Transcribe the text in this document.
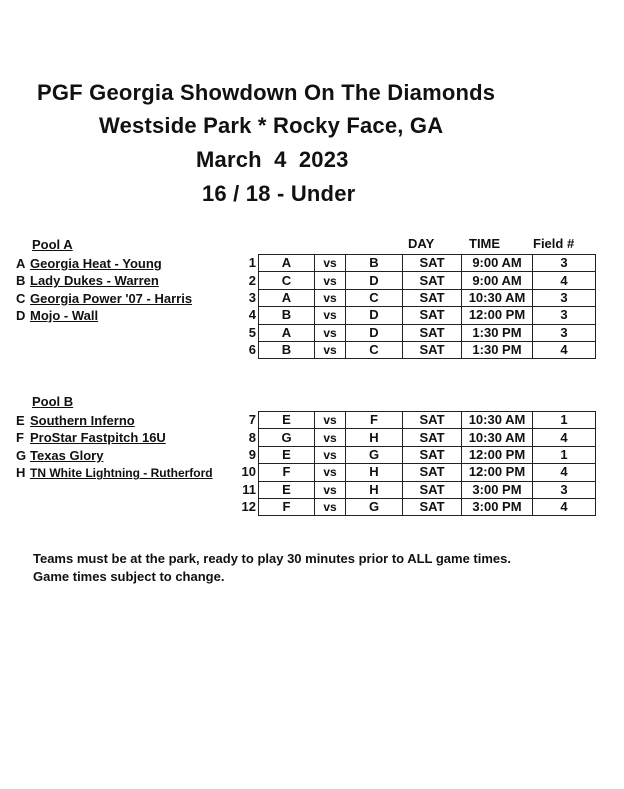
PGF Georgia Showdown On The Diamonds
Westside Park * Rocky Face, GA
March 4 2023
16 / 18 - Under
DAY	TIME	Field #
Pool A
A Georgia Heat - Young
B Lady Dukes - Warren
C Georgia Power '07 - Harris
D Mojo - Wall
1	A	vs	B	SAT	9:00 AM	3
2	C	vs	D	SAT	9:00 AM	4
3	A	vs	C	SAT	10:30 AM	3
4	B	vs	D	SAT	12:00 PM	3
5	A	vs	D	SAT	1:30 PM	3
6	B	vs	C	SAT	1:30 PM	4
Pool B
E Southern Inferno
F ProStar Fastpitch 16U
G Texas Glory
H TN White Lightning - Rutherford
7	E	vs	F	SAT	10:30 AM	1
8	G	vs	H	SAT	10:30 AM	4
9	E	vs	G	SAT	12:00 PM	1
10	F	vs	H	SAT	12:00 PM	4
11	E	vs	H	SAT	3:00 PM	3
12	F	vs	G	SAT	3:00 PM	4
Teams must be at the park, ready to play 30 minutes prior to ALL game times.
Game times subject to change.
